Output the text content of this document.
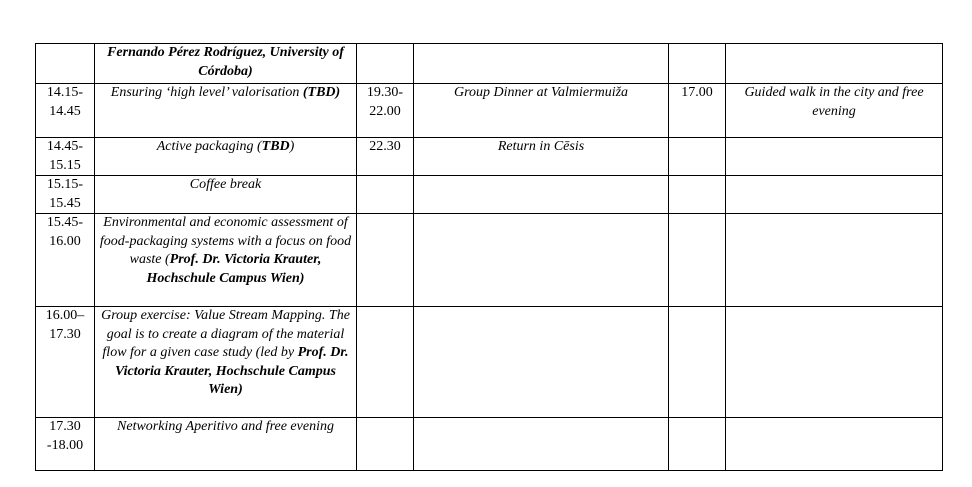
	Fernando Pérez Rodríguez, University of Córdoba)				
14.15-14.45	Ensuring ‘high level’ valorisation (TBD)	19.30-22.00	Group Dinner at Valmiermuiža	17.00	Guided walk in the city and free evening
14.45-15.15	Active packaging (TBD)	22.30	Return in Cēsis		
15.15-15.45	Coffee break				
15.45-16.00	Environmental and economic assessment of food-packaging systems with a focus on food waste (Prof. Dr. Victoria Krauter, Hochschule Campus Wien)				
16.00–17.30	Group exercise: Value Stream Mapping. The goal is to create a diagram of the material flow for a given case study (led by Prof. Dr. Victoria Krauter, Hochschule Campus Wien)				
17.30 -18.00	Networking Aperitivo and free evening				
